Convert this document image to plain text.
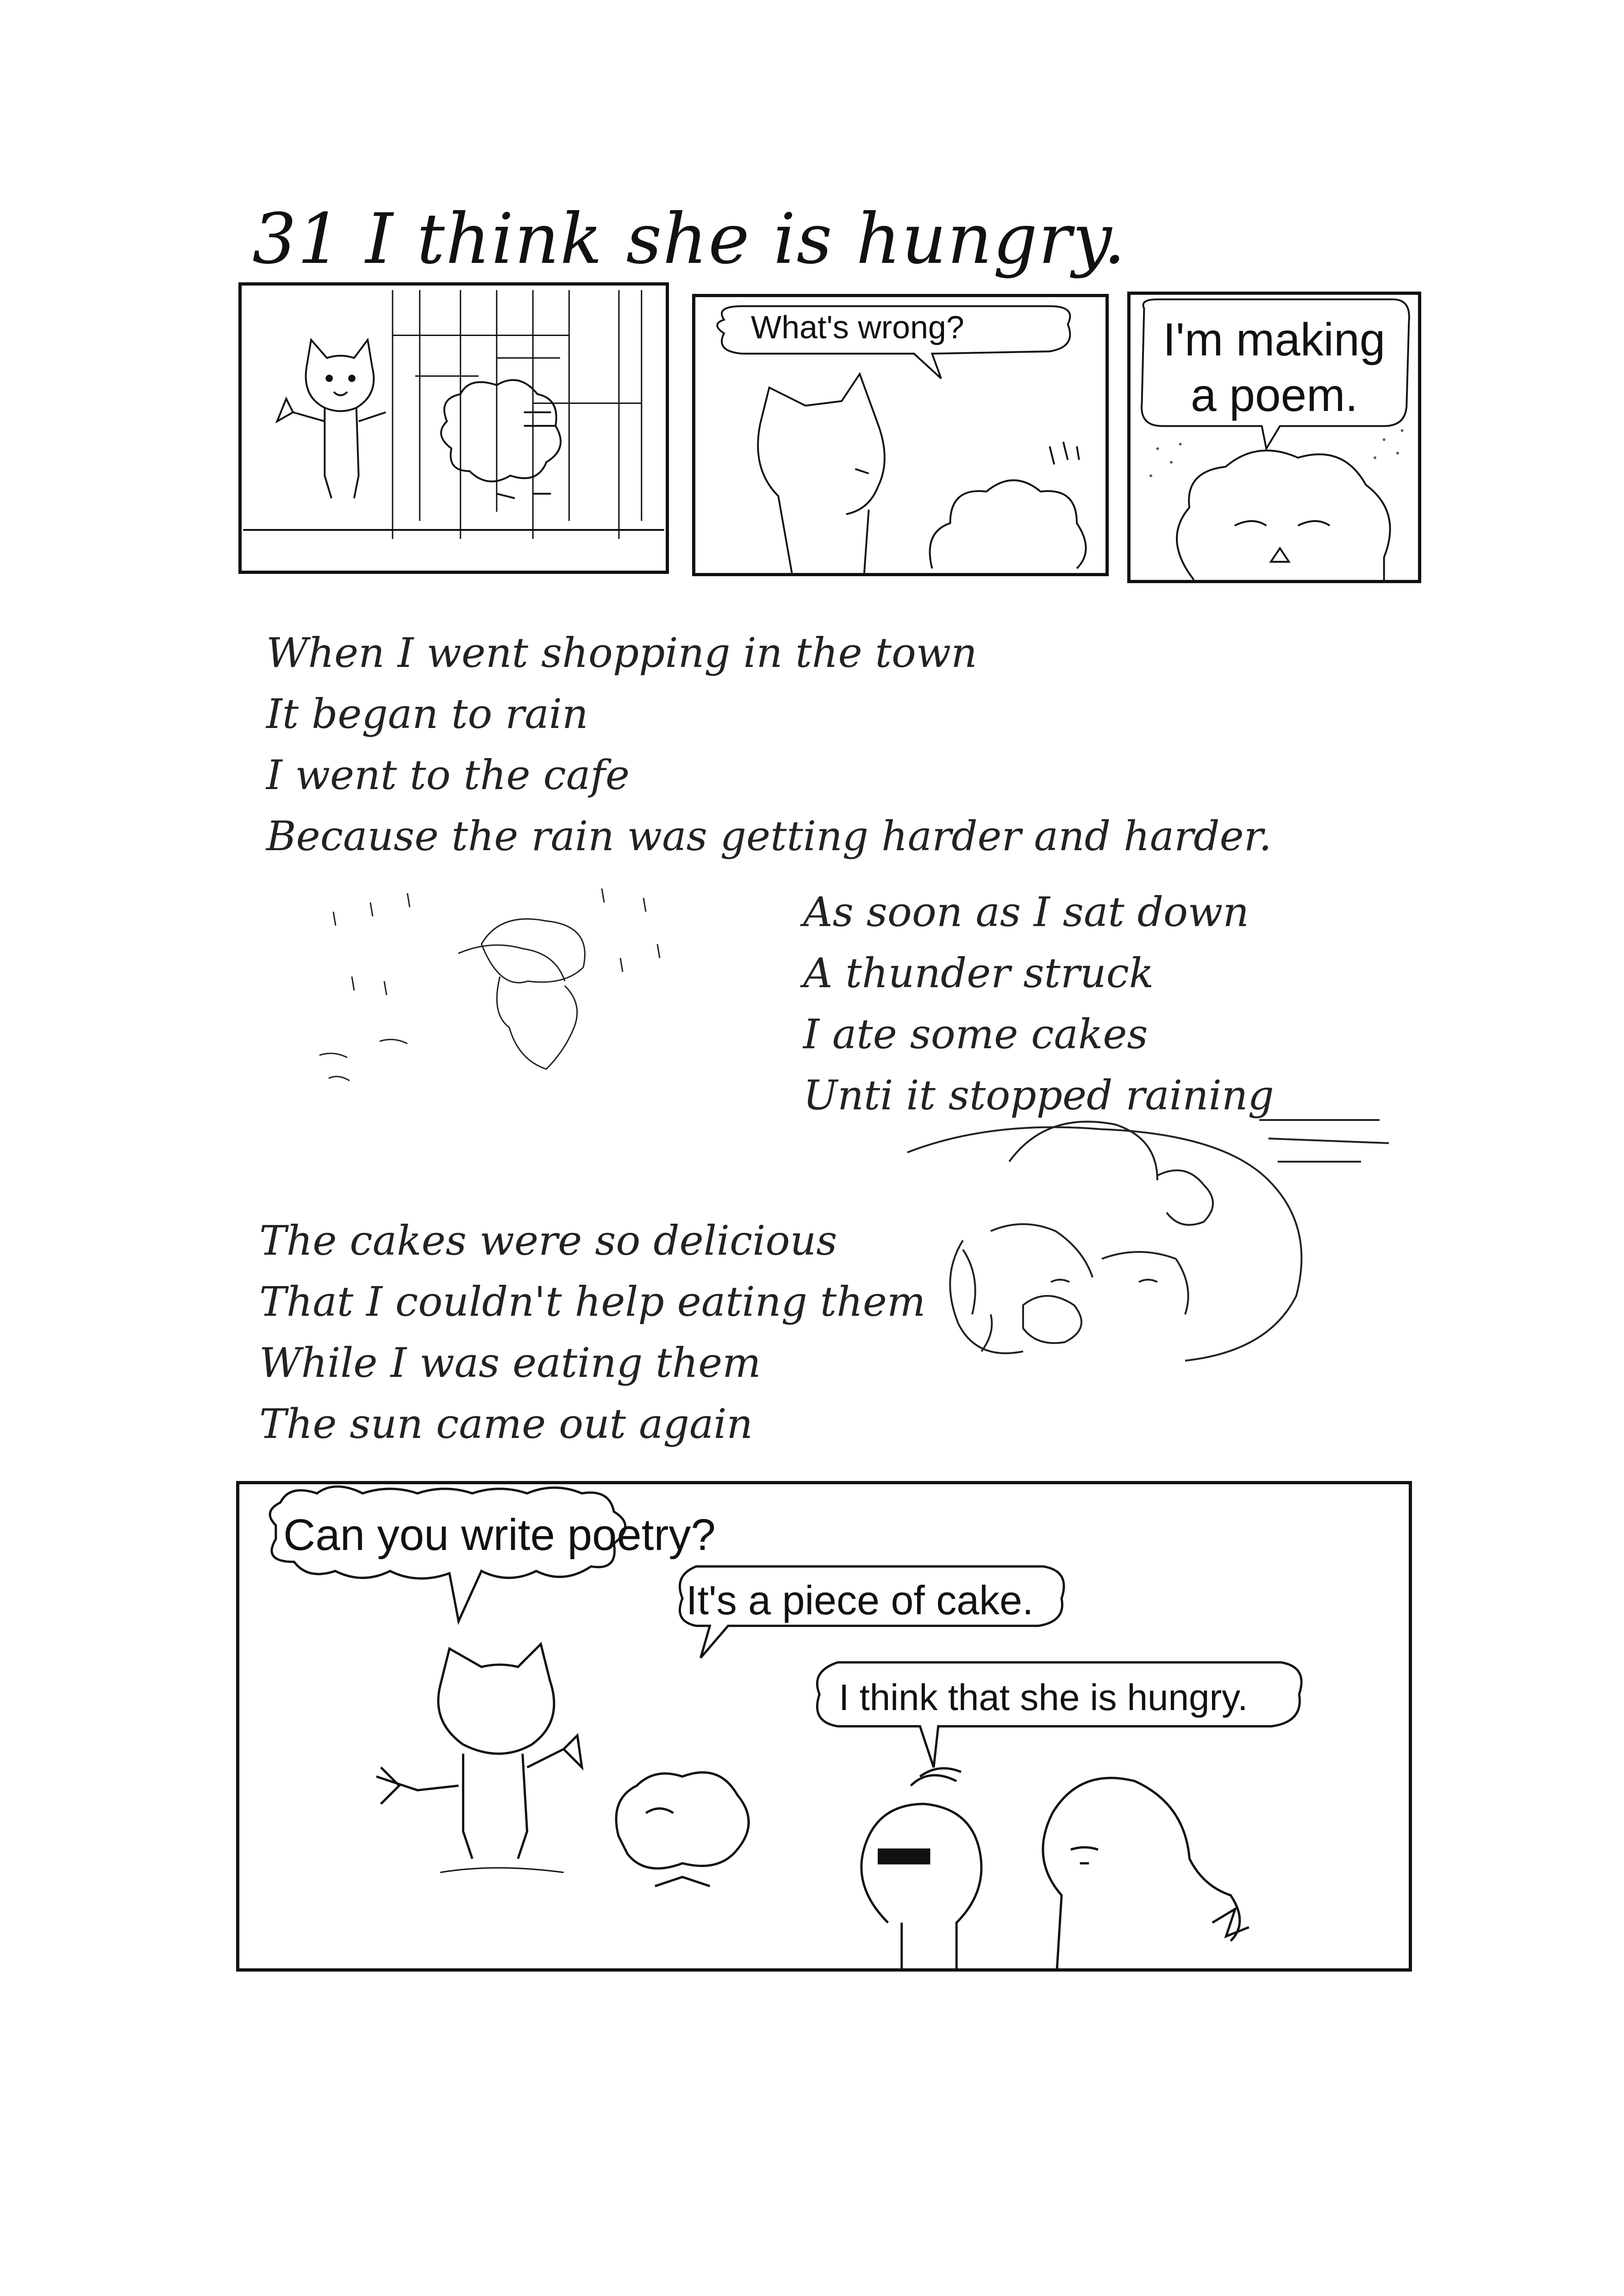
31 I think she is hungry.
What's wrong?	I'm making
a poem.
When I went shopping in the town
It began to rain
I went to the cafe
Because the rain was getting harder and harder.
As soon as I sat down
A thunder struck
I ate some cakes
Unti it stopped raining
The cakes were so delicious
That I couldn't help eating them
While I was eating them
The sun came out again
Can you write poetry?
It's a piece of cake.
I think that she is hungry.
